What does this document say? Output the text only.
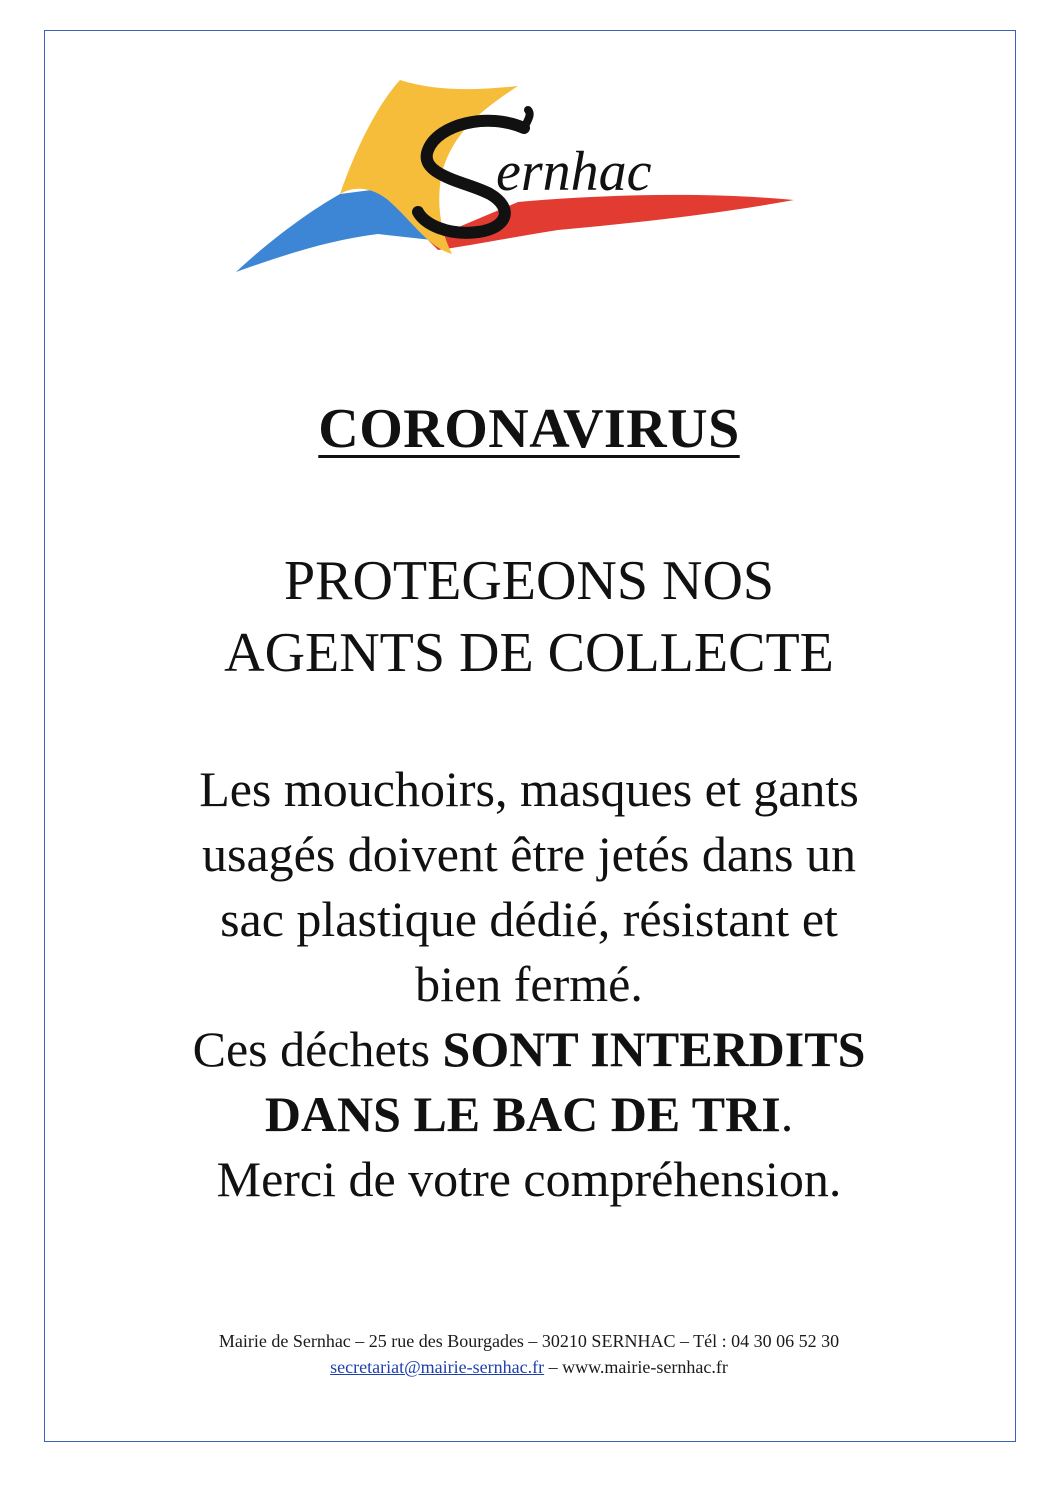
ernhac
CORONAVIRUS
PROTEGEONS NOS
AGENTS DE COLLECTE
Les mouchoirs, masques et gants
usagés doivent être jetés dans un
sac plastique dédié, résistant et
bien fermé.
Ces déchets SONT INTERDITS
DANS LE BAC DE TRI.
Merci de votre compréhension.
Mairie de Sernhac – 25 rue des Bourgades – 30210 SERNHAC – Tél : 04 30 06 52 30
secretariat@mairie-sernhac.fr – www.mairie-sernhac.fr
